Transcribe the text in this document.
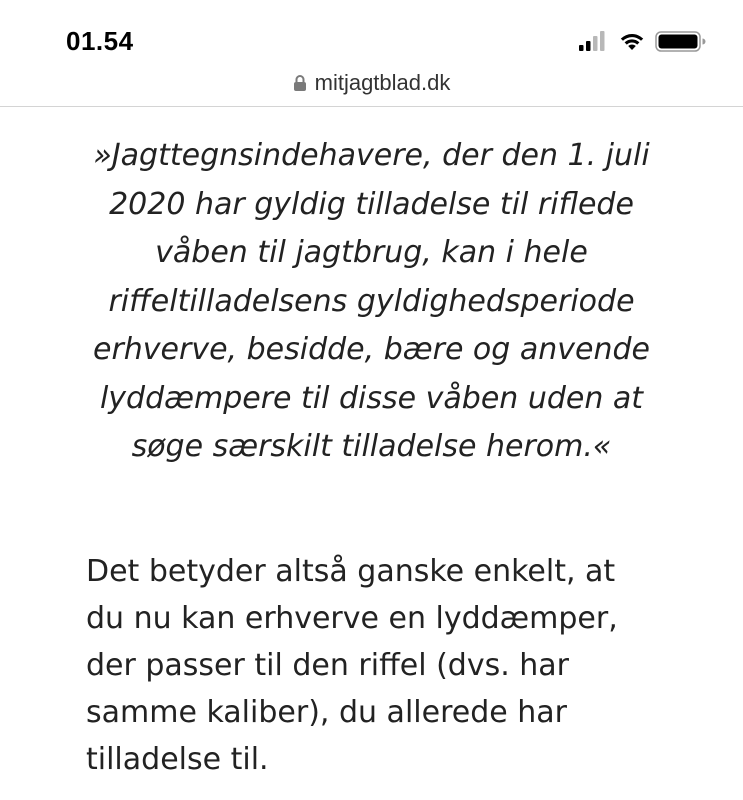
01.54
mitjagtblad.dk

»Jagttegnsindehavere, der den 1. juli 2020 har gyldig tilladelse til riflede våben til jagtbrug, kan i hele riffeltilladelsens gyldighedsperiode erhverve, besidde, bære og anvende lyddæmpere til disse våben uden at søge særskilt tilladelse herom.«

Det betyder altså ganske enkelt, at du nu kan erhverve en lyddæmper, der passer til den riffel (dvs. har samme kaliber), du allerede har tilladelse til.
